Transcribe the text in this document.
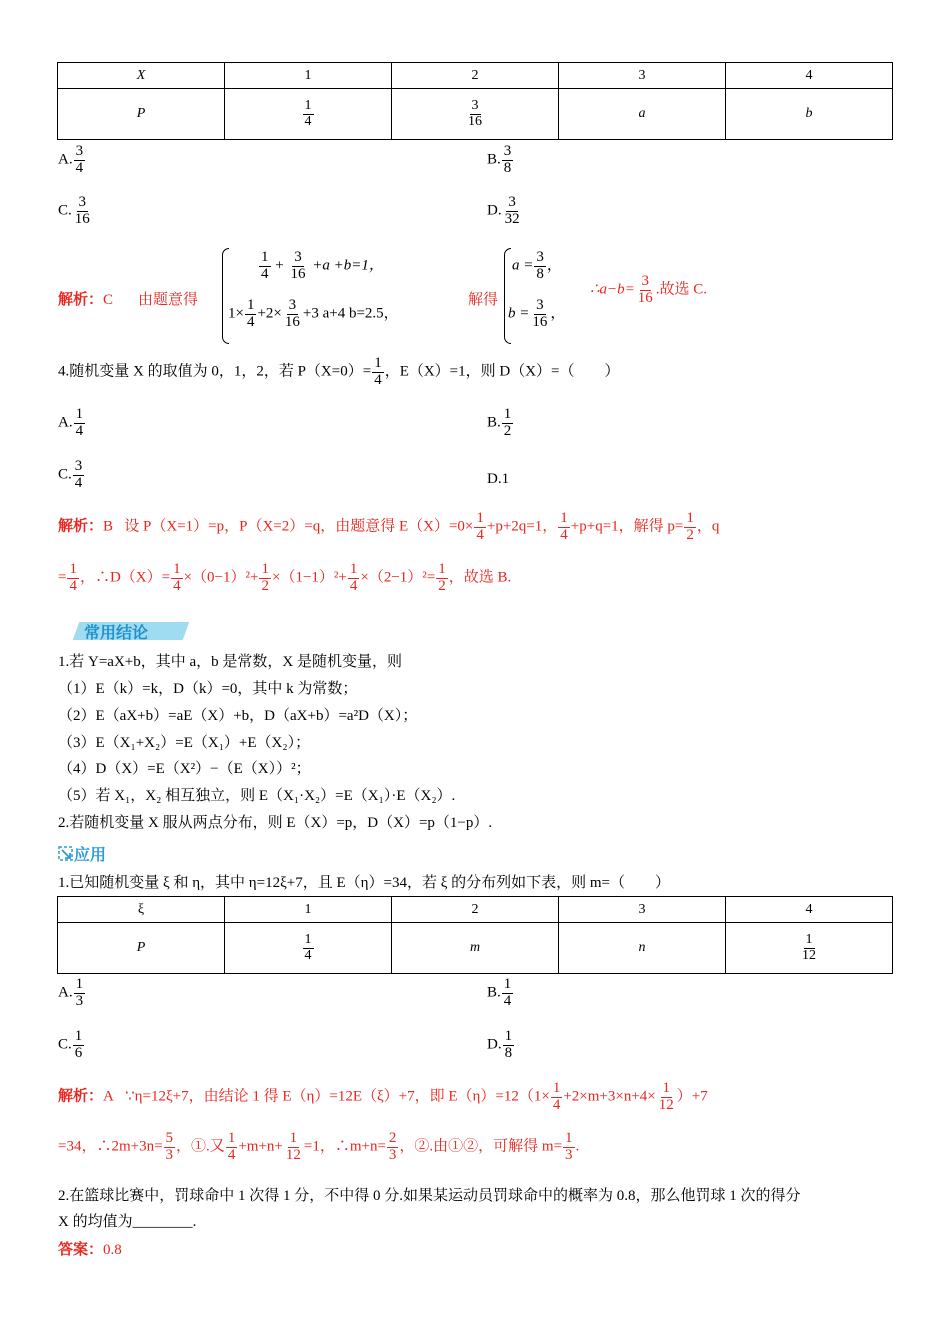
X	1	2	3	4
P	$\frac{1}{4}$	$\frac{3}{16}$	a	b
A. $\frac{3}{4}$	B. $\frac{3}{8}$
C. $\frac{3}{16}$	D. $\frac{3}{32}$
解析：C 由题意得
$\frac{1}{4} + \frac{3}{16} +a +b=1$，
$1\times \frac{1}{4} +2\times \frac{3}{16} +3$ a+4 b=2.5，
解得
$a = \frac{3}{8}$ ，
$b = \frac{3}{16}$ ，
∴a−b= $\frac{3}{16}$ .故选 C.
4.随机变量 X 的取值为 0，1，2，若 $P(X=0)= \frac{1}{4}$ ，E（X）=1，则 D（X）=（　　）
A. $\frac{1}{4}$	B. $\frac{1}{2}$
C. $\frac{3}{4}$	D.1
解析：B 设 P（X=1）=p，P（X=2）=q，由题意得 $E(X)=0\times \frac{1}{4} +p+2q=1$， $\frac{1}{4} +p+q=1$，解得 $p= \frac{1}{2}$ ，q
= $\frac{1}{4}$ ，∴D（X）= $\frac{1}{4} \times(0-1)^2+ \frac{1}{2} \times(1-1)^2+ \frac{1}{4} \times(2-1)^2= \frac{1}{2}$ ，故选 B.
常用结论
1.若 Y=aX+b，其中 a，b 是常数，X 是随机变量，则
（1）E（k）=k，D（k）=0，其中 k 为常数；
（2）E（aX+b）=aE（X）+b，D（aX+b）=a²D（X）；
（3）E（X₁+X₂）=E（X₁）+E（X₂）；
（4）D（X）=E（X²）−（E（X））²；
（5）若 X₁，X₂ 相互独立，则 E（X₁·X₂）=E（X₁）·E（X₂）.
2.若随机变量 X 服从两点分布，则 E（X）=p，D（X）=p（1−p）.
应用
1.已知随机变量 ξ 和 η，其中 η=12ξ+7，且 E（η）=34，若 ξ 的分布列如下表，则 m=（　　）
ξ	1	2	3	4
P	$\frac{1}{4}$	m	n	$\frac{1}{12}$
A. $\frac{1}{3}$	B. $\frac{1}{4}$
C. $\frac{1}{6}$	D. $\frac{1}{8}$
解析：A ∵η=12ξ+7，由结论 1 得 E（η）=12E（ξ）+7，即 $E(\eta)=12(1\times \frac{1}{4} +2\times m+3\times n+4\times \frac{1}{12} )+7$
=34，∴2m+3n= $\frac{5}{3}$ ，①.又 $\frac{1}{4} +m+n+ \frac{1}{12} =1$，∴m+n= $\frac{2}{3}$ ，②.由①②，可解得 $m= \frac{1}{3}$ .
2.在篮球比赛中，罚球命中 1 次得 1 分，不中得 0 分.如果某运动员罚球命中的概率为 0.8，那么他罚球 1 次的得分
X 的均值为________.
答案：0.8
